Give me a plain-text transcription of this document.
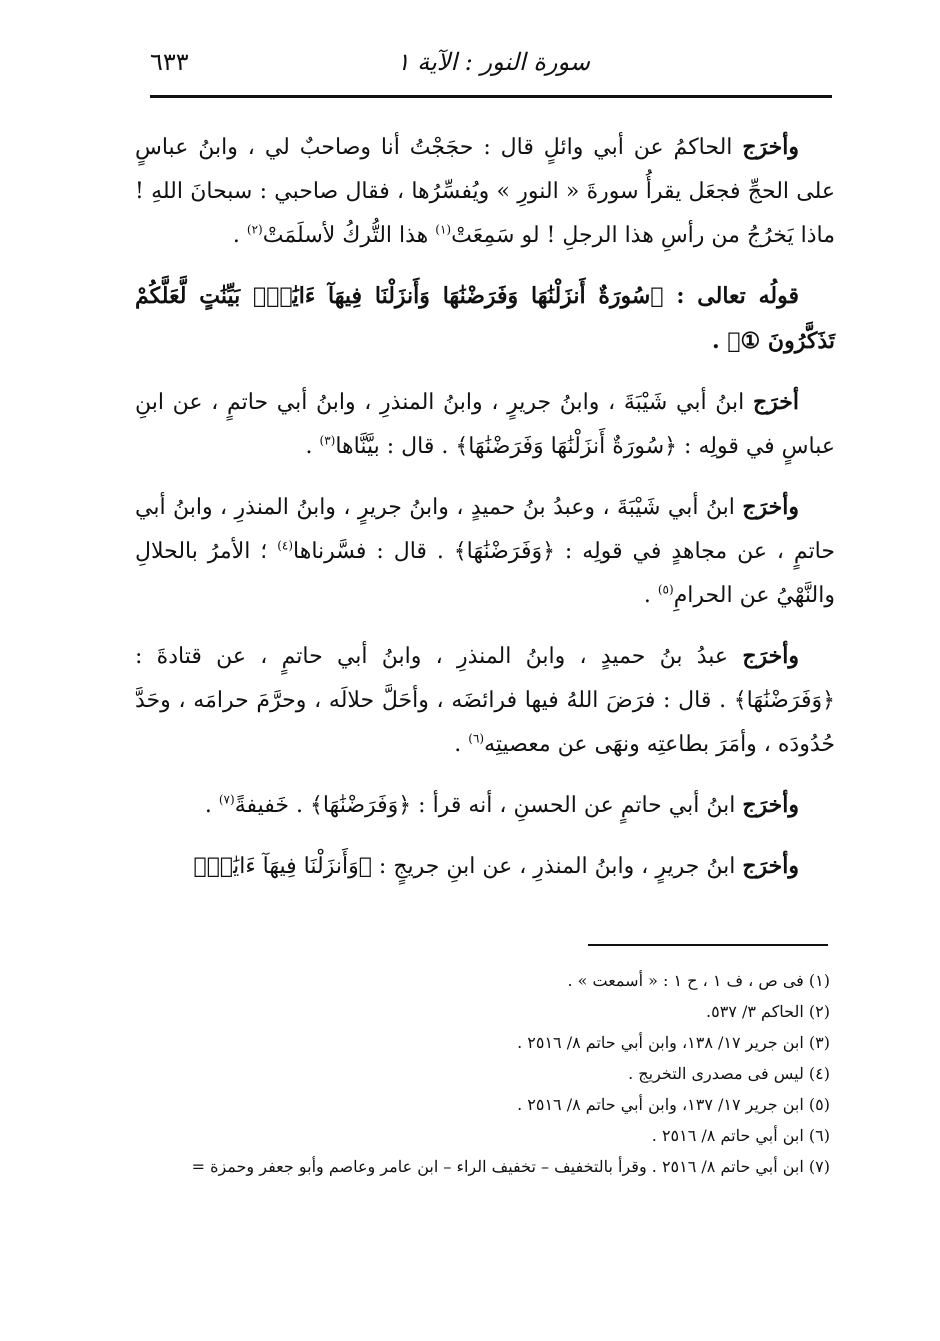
سورة النور : الآية ١
٦٣٣

وأخرَج الحاكمُ عن أبي وائلٍ قال : حجَجْتُ أنا وصاحبٌ لي ، وابنُ عباسٍ على الحجِّ فجعَل يقرأُ سورةَ « النورِ » ويُفسِّرُها ، فقال صاحبي : سبحانَ اللهِ ! ماذا يَخرُجُ من رأسِ هذا الرجلِ ! لو سَمِعَتْ$^{(١)}$ هذا التُّركُ لأسلَمَتْ$^{(٢)}$ .

قولُه تعالى : ﴿سُورَةٌ أَنزَلْنَٰهَا وَفَرَضْنَٰهَا وَأَنزَلْنَا فِيهَآ ءَايَٰتٍۭ بَيِّنَٰتٍ لَّعَلَّكُمْ تَذَكَّرُونَ ①﴾ .

أخرَج ابنُ أبي شَيْبَةَ ، وابنُ جريرٍ ، وابنُ المنذرِ ، وابنُ أبي حاتمٍ ، عن ابنِ عباسٍ في قولِه : ﴿سُورَةٌ أَنزَلْنَٰهَا وَفَرَضْنَٰهَا﴾ . قال : بيَّنَّاها$^{(٣)}$ .

وأخرَج ابنُ أبي شَيْبَةَ ، وعبدُ بنُ حميدٍ ، وابنُ جريرٍ ، وابنُ المنذرِ ، وابنُ أبي حاتمٍ ، عن مجاهدٍ في قولِه : ﴿وَفَرَضْنَٰهَا﴾ . قال : فسَّرناها$^{(٤)}$ ؛ الأمرُ بالحلالِ والنَّهْيُ عن الحرامِ$^{(٥)}$ .

وأخرَج عبدُ بنُ حميدٍ ، وابنُ المنذرِ ، وابنُ أبي حاتمٍ ، عن قتادةَ : ﴿وَفَرَضْنَٰهَا﴾ . قال : فرَضَ اللهُ فيها فرائضَه ، وأحَلَّ حلالَه ، وحرَّمَ حرامَه ، وحَدَّ حُدُودَه ، وأمَرَ بطاعتِه ونهَى عن معصيتِه$^{(٦)}$ .

وأخرَج ابنُ أبي حاتمٍ عن الحسنِ ، أنه قرأ : ﴿وَفَرَضْنَٰهَا﴾ . خَفيفةً$^{(٧)}$ .

وأخرَج ابنُ جريرٍ ، وابنُ المنذرِ ، عن ابنِ جريجٍ : ﴿وَأَنزَلْنَا فِيهَآ ءَايَٰتٍۭ

(١) فى ص ، ف ١ ، ح ١ : « أسمعت » .
(٢) الحاكم ٣/ ٥٣٧.
(٣) ابن جرير ١٧/ ١٣٨، وابن أبي حاتم ٨/ ٢٥١٦ .
(٤) ليس فى مصدرى التخريج .
(٥) ابن جرير ١٧/ ١٣٧، وابن أبي حاتم ٨/ ٢٥١٦ .
(٦) ابن أبي حاتم ٨/ ٢٥١٦ .
(٧) ابن أبي حاتم ٨/ ٢٥١٦ . وقرأ بالتخفيف – تخفيف الراء – ابن عامر وعاصم وأبو جعفر وحمزة =
